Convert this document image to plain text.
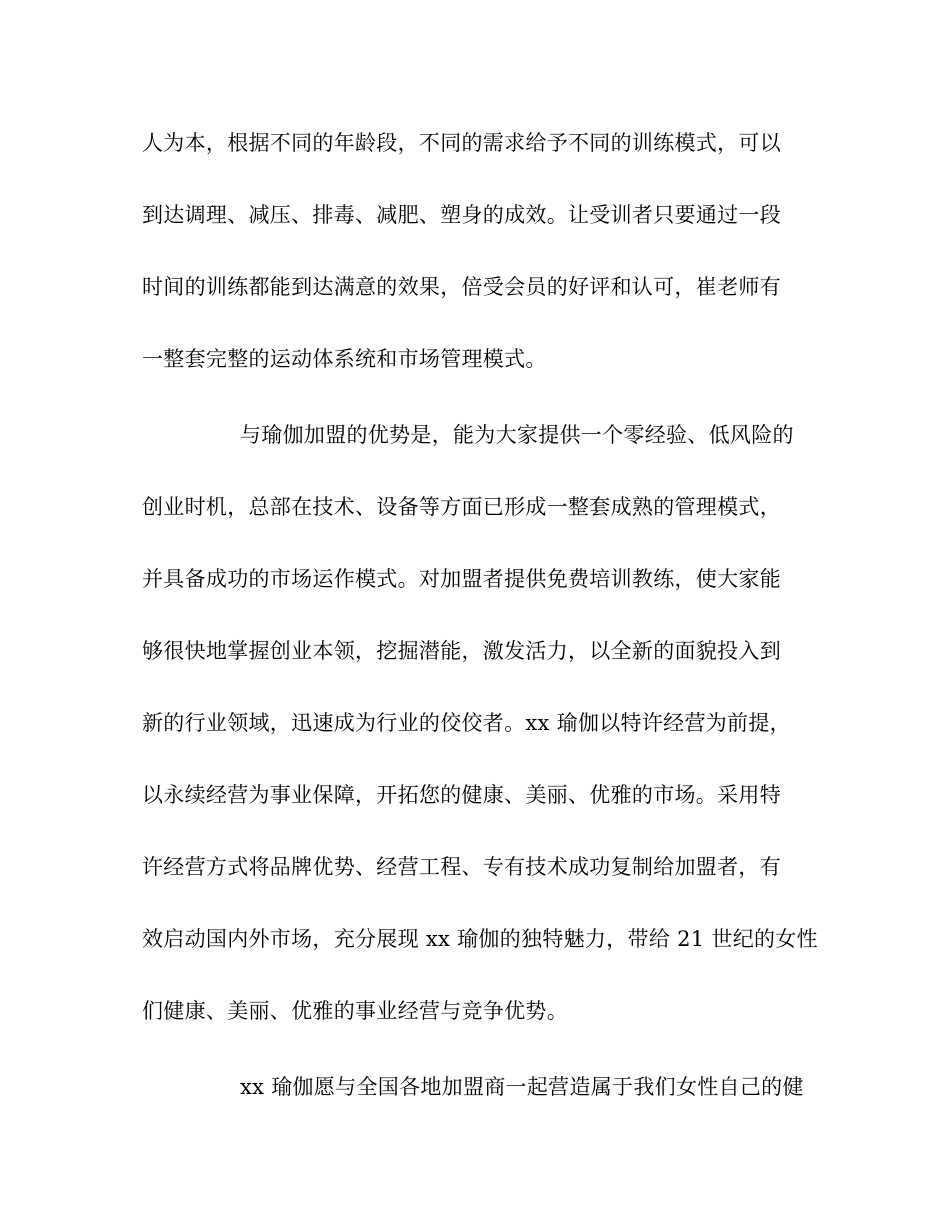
人为本，根据不同的年龄段，不同的需求给予不同的训练模式，可以
到达调理、减压、排毒、减肥、塑身的成效。让受训者只要通过一段
时间的训练都能到达满意的效果，倍受会员的好评和认可，崔老师有
一整套完整的运动体系统和市场管理模式。
与瑜伽加盟的优势是，能为大家提供一个零经验、低风险的
创业时机，总部在技术、设备等方面已形成一整套成熟的管理模式，
并具备成功的市场运作模式。对加盟者提供免费培训教练，使大家能
够很快地掌握创业本领，挖掘潜能，激发活力，以全新的面貌投入到
新的行业领域，迅速成为行业的佼佼者。xx 瑜伽以特许经营为前提，
以永续经营为事业保障，开拓您的健康、美丽、优雅的市场。采用特
许经营方式将品牌优势、经营工程、专有技术成功复制给加盟者，有
效启动国内外市场，充分展现 xx 瑜伽的独特魅力，带给 21 世纪的女性
们健康、美丽、优雅的事业经营与竞争优势。
xx 瑜伽愿与全国各地加盟商一起营造属于我们女性自己的健
